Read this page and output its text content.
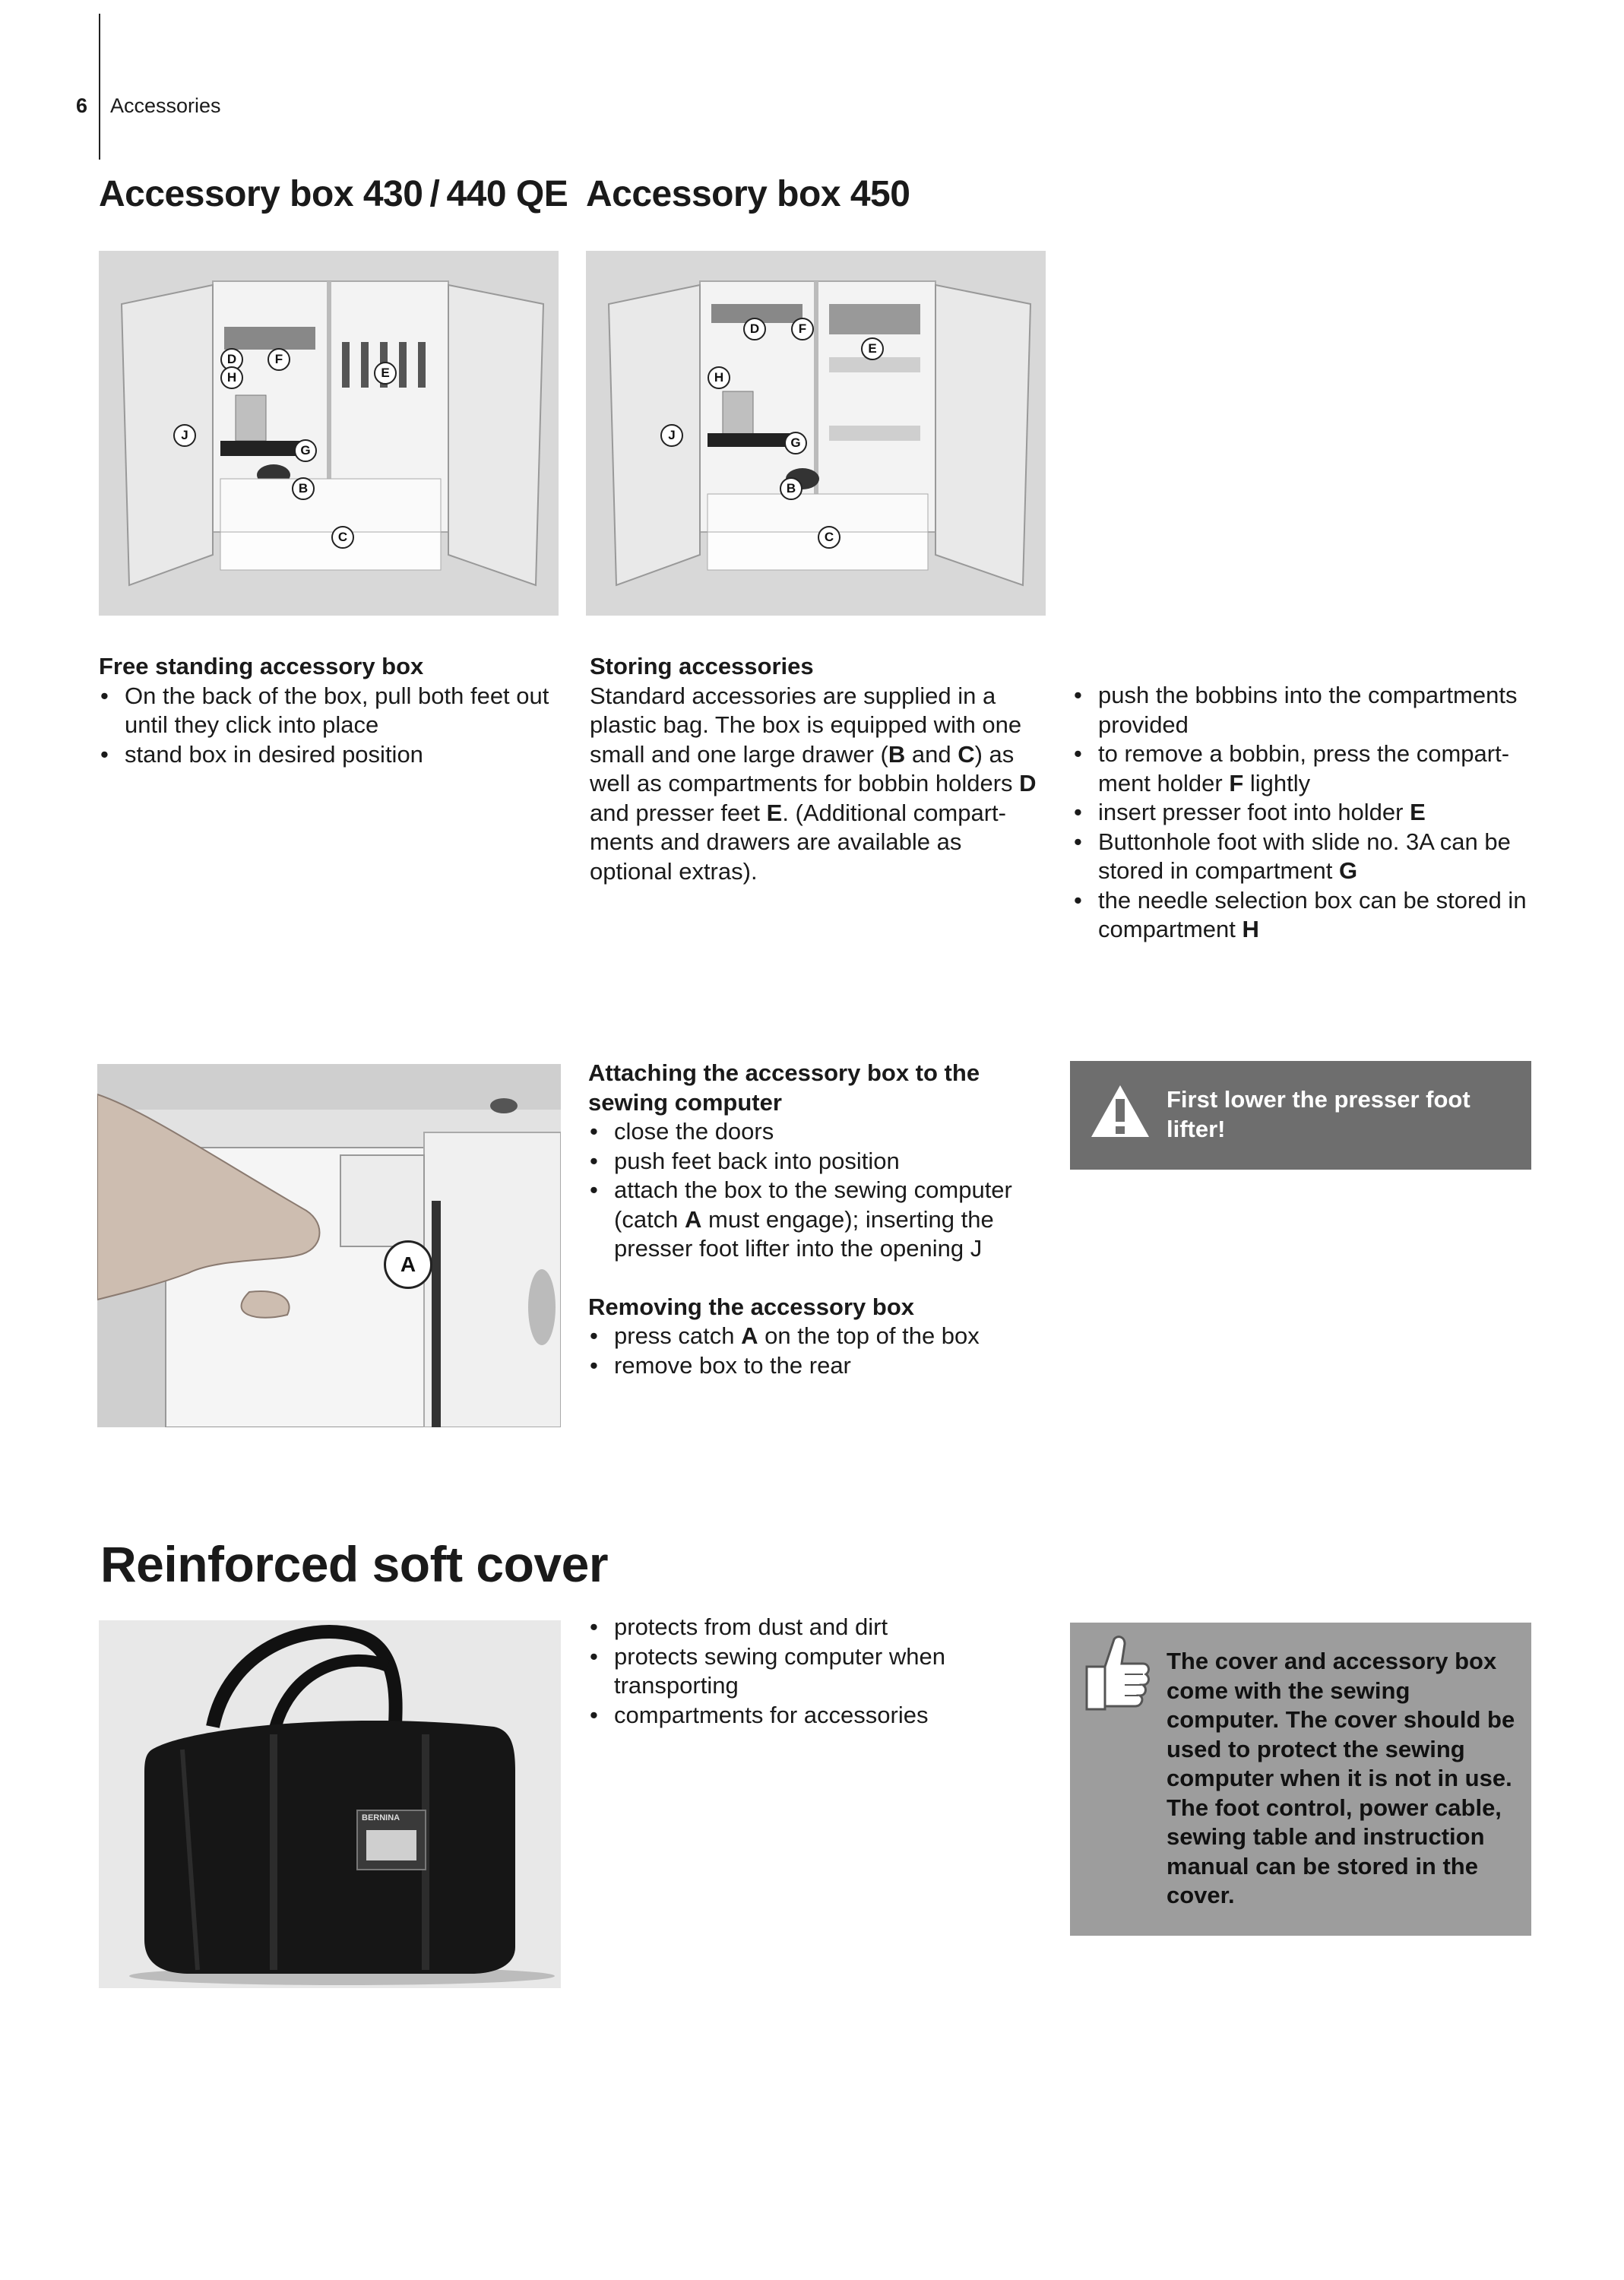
6 Accessories
Accessory box 430 / 440 QE Accessory box 450
D	F
E
H
J
G
B
C
D	F
E
H
J
G
B
C
Free standing accessory box
• On the back of the box, pull both feet out until they click into place
• stand box in desired position
Storing accessories
Standard accessories are supplied in a plastic bag. The box is equipped with one small and one large drawer (B and C) as well as compartments for bobbin holders D and presser feet E. (Additional compart-ments and drawers are available as optional extras).
• push the bobbins into the compartments provided
• to remove a bobbin, press the compart-ment holder F lightly
• insert presser foot into holder E
• Buttonhole foot with slide no. 3A can be stored in compartment G
• the needle selection box can be stored in compartment H
A
Attaching the accessory box to the sewing computer
• close the doors
• push feet back into position
• attach the box to the sewing computer (catch A must engage); inserting the presser foot lifter into the opening J
Removing the accessory box
• press catch A on the top of the box
• remove box to the rear
First lower the presser foot lifter!
Reinforced soft cover
BERNINA
• protects from dust and dirt
• protects sewing computer when transporting
• compartments for accessories
The cover and accessory box come with the sewing computer. The cover should be used to protect the sewing computer when it is not in use. The foot control, power cable, sewing table and instruction manual can be stored in the cover.
